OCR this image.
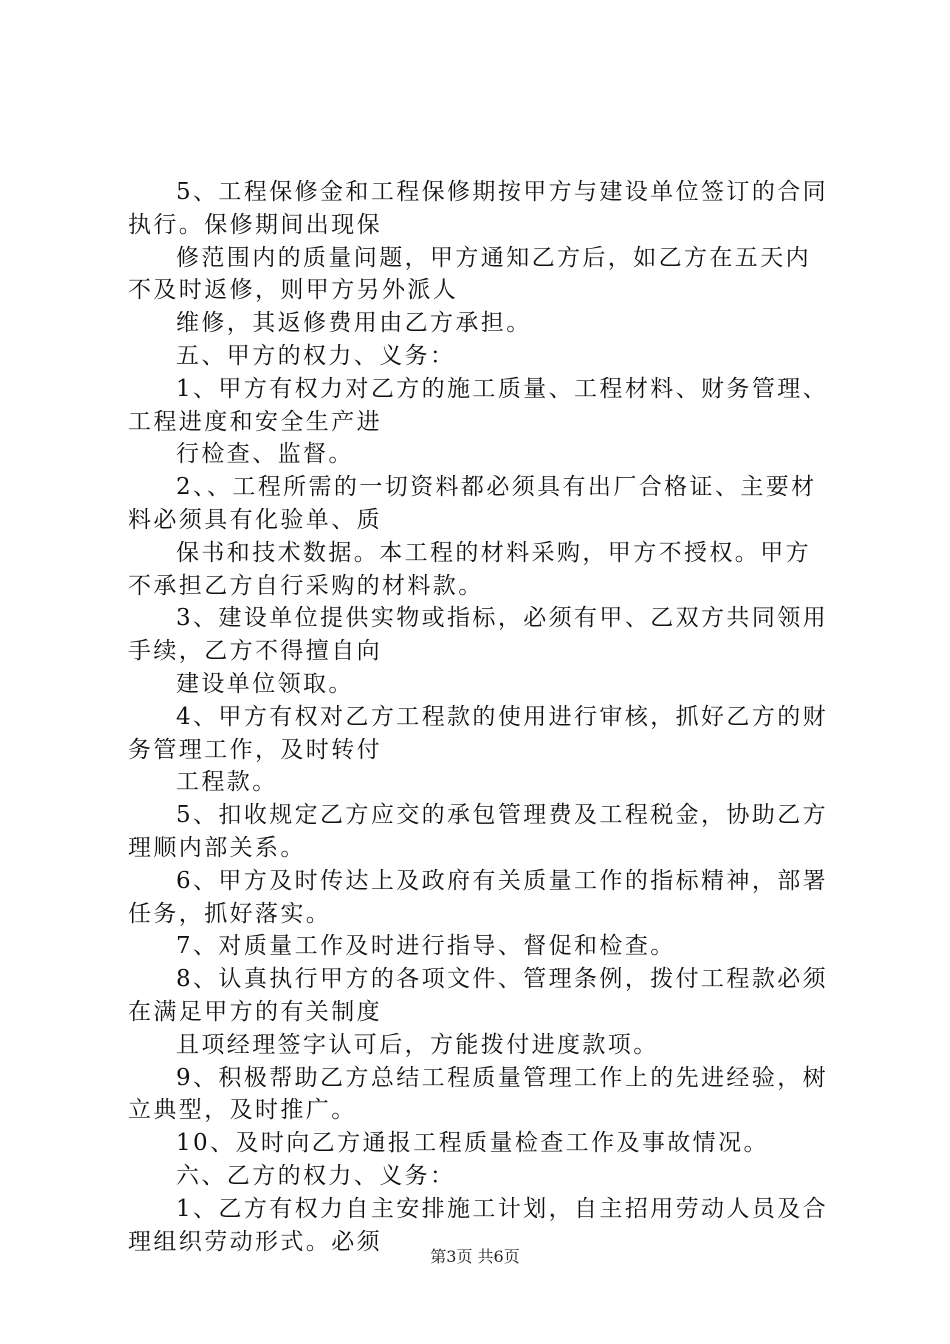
5、工程保修金和工程保修期按甲方与建设单位签订的合同
执行。保修期间出现保
修范围内的质量问题，甲方通知乙方后，如乙方在五天内
不及时返修，则甲方另外派人
维修，其返修费用由乙方承担。
五、甲方的权力、义务：
1、甲方有权力对乙方的施工质量、工程材料、财务管理、
工程进度和安全生产进
行检查、监督。
2、、工程所需的一切资料都必须具有出厂合格证、主要材
料必须具有化验单、质
保书和技术数据。本工程的材料采购，甲方不授权。甲方
不承担乙方自行采购的材料款。
3、建设单位提供实物或指标，必须有甲、乙双方共同领用
手续，乙方不得擅自向
建设单位领取。
4、甲方有权对乙方工程款的使用进行审核，抓好乙方的财
务管理工作，及时转付
工程款。
5、扣收规定乙方应交的承包管理费及工程税金，协助乙方
理顺内部关系。
6、甲方及时传达上及政府有关质量工作的指标精神，部署
任务，抓好落实。
7、对质量工作及时进行指导、督促和检查。
8、认真执行甲方的各项文件、管理条例，拨付工程款必须
在满足甲方的有关制度
且项经理签字认可后，方能拨付进度款项。
9、积极帮助乙方总结工程质量管理工作上的先进经验，树
立典型，及时推广。
10、及时向乙方通报工程质量检查工作及事故情况。
六、乙方的权力、义务：
1、乙方有权力自主安排施工计划，自主招用劳动人员及合
理组织劳动形式。必须
第3页 共6页
